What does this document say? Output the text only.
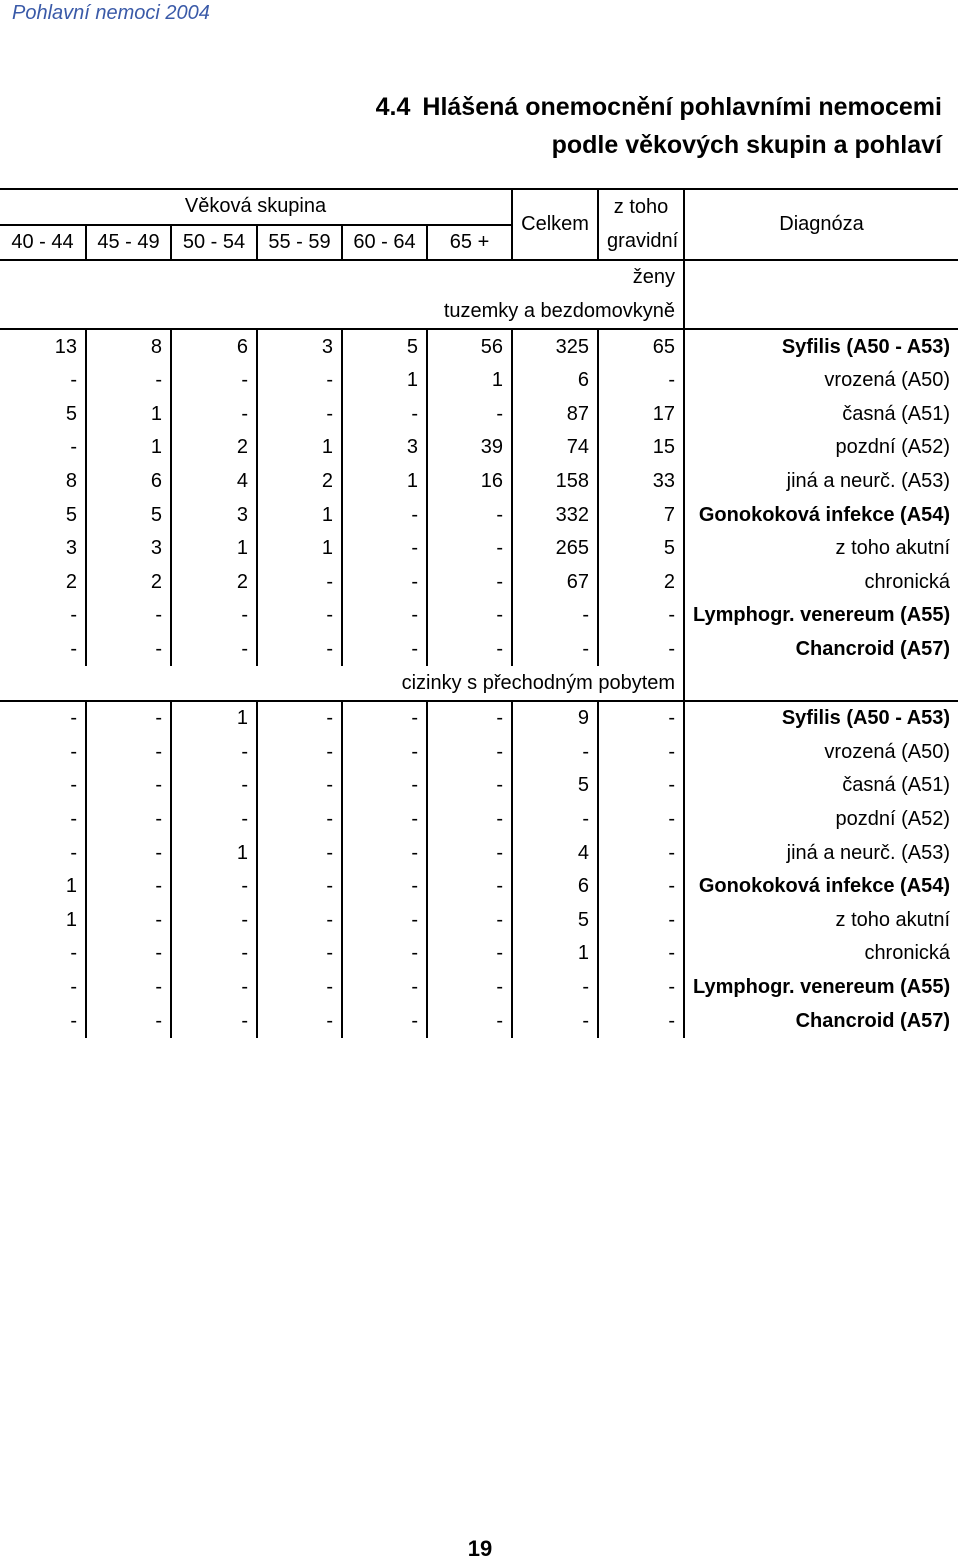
Pohlavní nemoci 2004
4.4 Hlášená onemocnění pohlavními nemocemi
podle věkových skupin a pohlaví
Věková skupina						Celkem	z toho	Diagnóza
40 - 44	45 - 49	50 - 54	55 - 59	60 - 64	65 +		gravidní	
ženy								
tuzemky a bezdomovkyně								
13	8	6	3	5	56	325	65	Syfilis (A50 - A53)
-	-	-	-	1	1	6	-	vrozená (A50)
5	1	-	-	-	-	87	17	časná (A51)
-	1	2	1	3	39	74	15	pozdní (A52)
8	6	4	2	1	16	158	33	jiná a neurč. (A53)
5	5	3	1	-	-	332	7	Gonokoková infekce (A54)
3	3	1	1	-	-	265	5	z toho akutní
2	2	2	-	-	-	67	2	chronická
-	-	-	-	-	-	-	-	Lymphogr. venereum (A55)
-	-	-	-	-	-	-	-	Chancroid (A57)
cizinky s přechodným pobytem								
-	-	1	-	-	-	9	-	Syfilis (A50 - A53)
-	-	-	-	-	-	-	-	vrozená (A50)
-	-	-	-	-	-	5	-	časná (A51)
-	-	-	-	-	-	-	-	pozdní (A52)
-	-	1	-	-	-	4	-	jiná a neurč. (A53)
1	-	-	-	-	-	6	-	Gonokoková infekce (A54)
1	-	-	-	-	-	5	-	z toho akutní
-	-	-	-	-	-	1	-	chronická
-	-	-	-	-	-	-	-	Lymphogr. venereum (A55)
-	-	-	-	-	-	-	-	Chancroid (A57)
19
